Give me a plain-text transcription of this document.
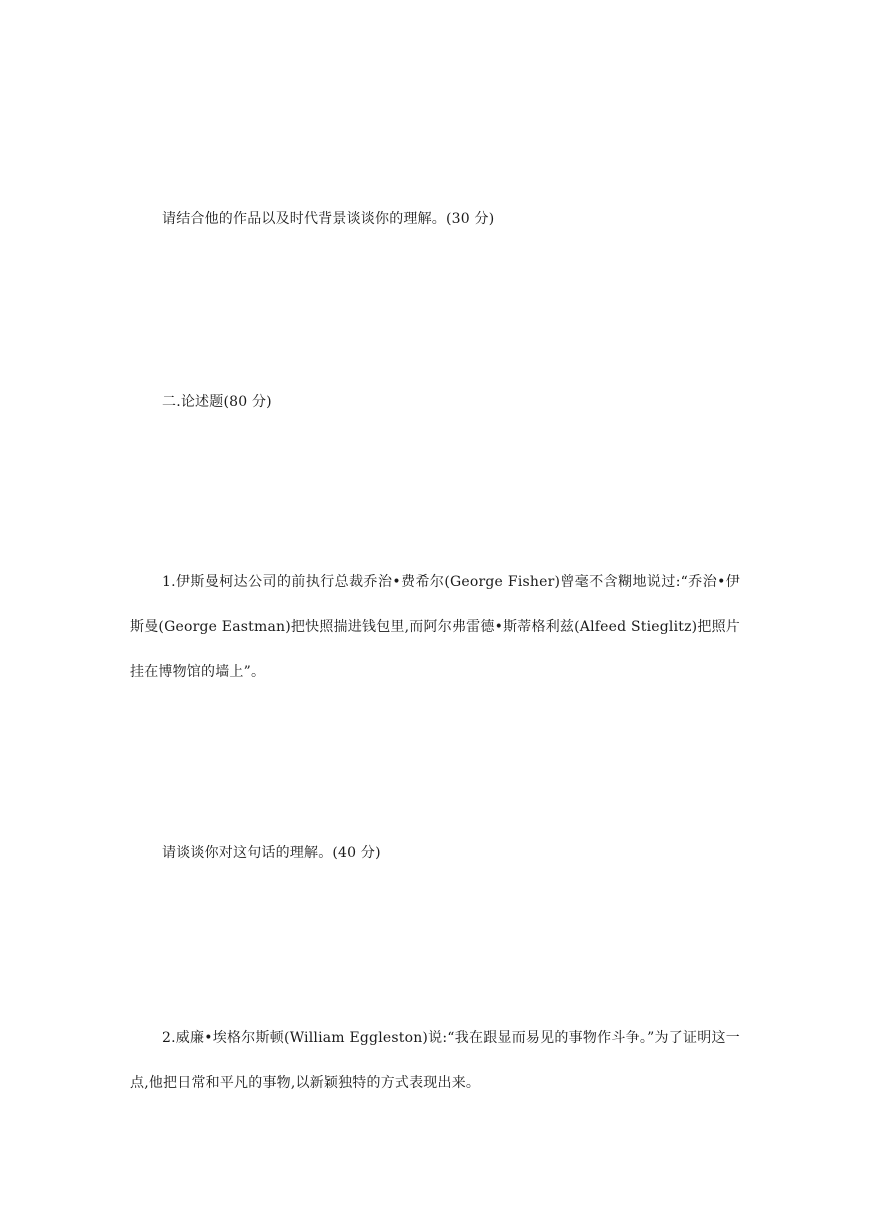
请结合他的作品以及时代背景谈谈你的理解。(30 分)

二.论述题(80 分)

1.伊斯曼柯达公司的前执行总裁乔治•费希尔(George Fisher)曾毫不含糊地说过:“乔治•伊斯曼(George Eastman)把快照揣进钱包里,而阿尔弗雷德•斯蒂格利兹(Alfeed Stieglitz)把照片挂在博物馆的墙上”。

请谈谈你对这句话的理解。(40 分)

2.威廉•埃格尔斯顿(William Eggleston)说:“我在跟显而易见的事物作斗争。”为了证明这一点,他把日常和平凡的事物,以新颖独特的方式表现出来。
